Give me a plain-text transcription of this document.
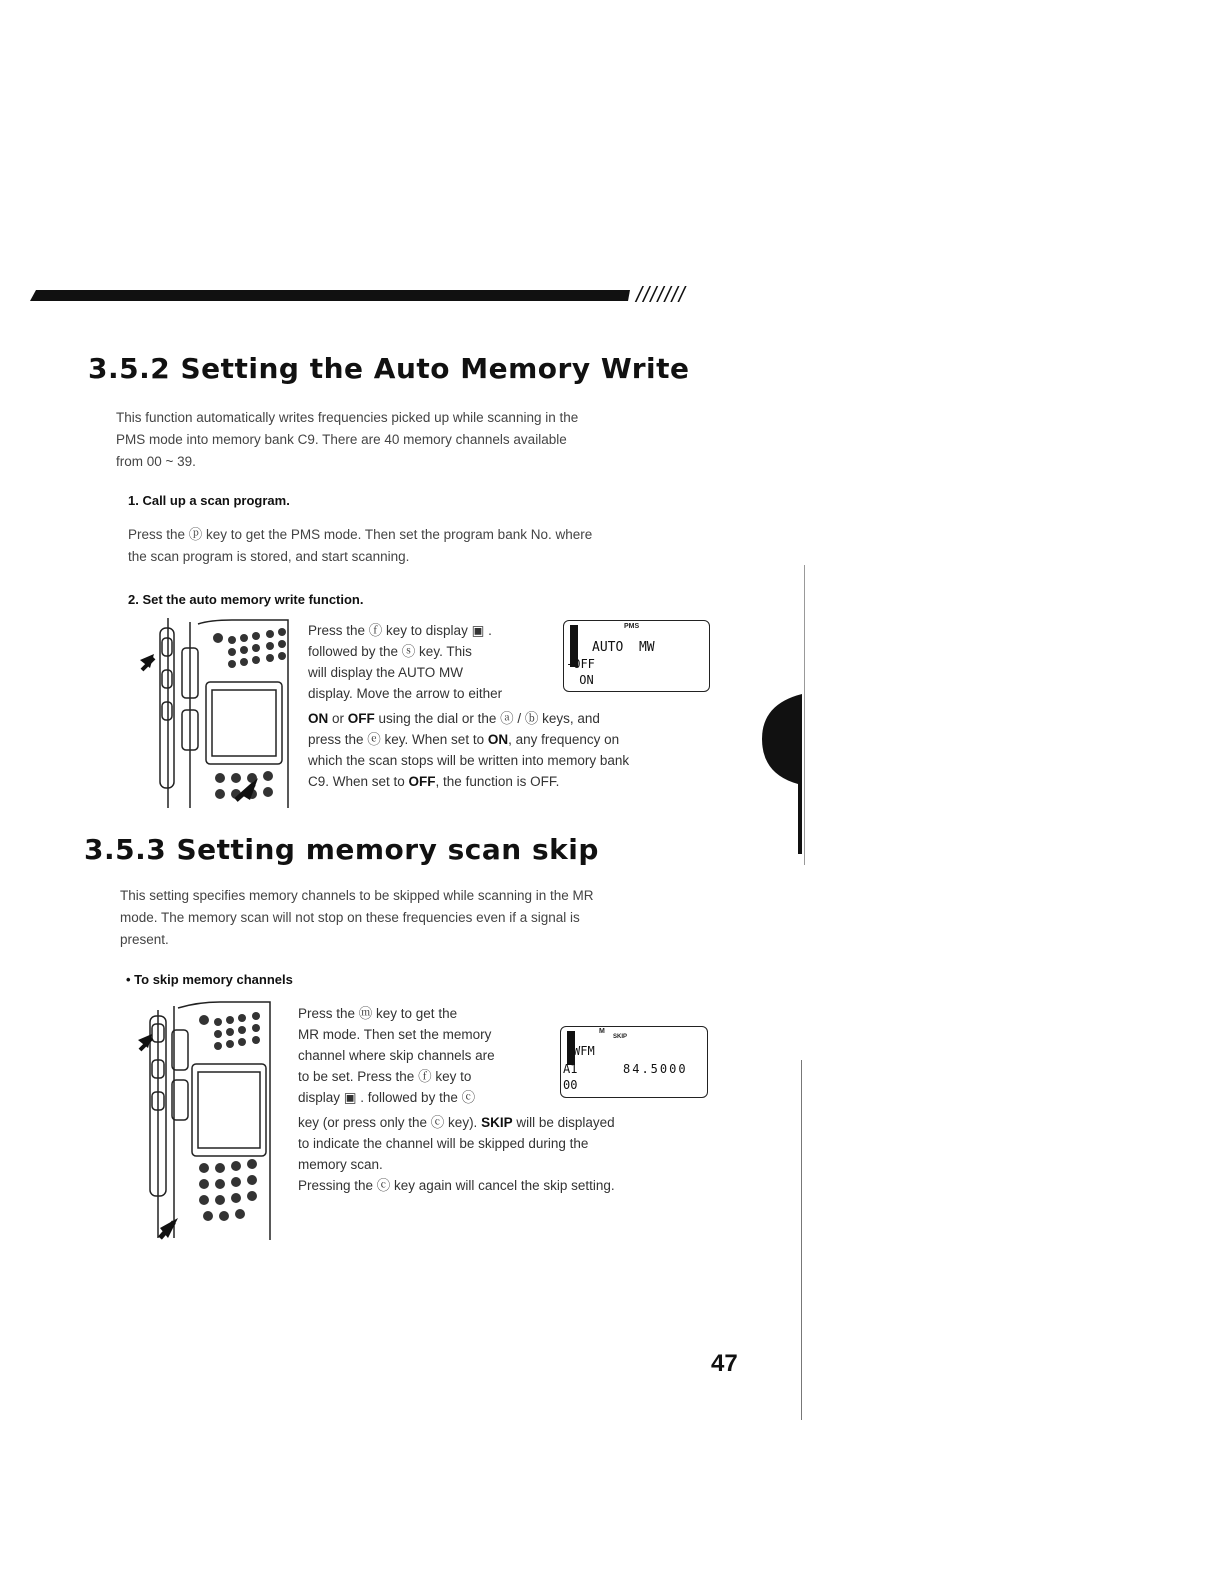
///////
3.5.2 Setting the Auto Memory Write
This function automatically writes frequencies picked up while scanning in the
PMS mode into memory bank C9. There are 40 memory channels available
from 00 ~ 39.
1. Call up a scan program.
Press the ⓟ key to get the PMS mode. Then set the program bank No. where
the scan program is stored, and start scanning.
2. Set the auto memory write function.
Press the ⓕ key to display ▣ .
followed by the ⓢ key. This
will display the AUTO MW
display. Move the arrow to either
PMS
AUTO  MW
-OFF
ON
ON or OFF using the dial or the ⓐ / ⓑ keys, and
press the ⓔ key. When set to ON, any frequency on
which the scan stops will be written into memory bank
C9. When set to OFF, the function is OFF.
3.5.3 Setting memory scan skip
This setting specifies memory channels to be skipped while scanning in the MR
mode. The memory scan will not stop on these frequencies even if a signal is
present.
• To skip memory channels
Press the ⓜ key to get the
MR mode. Then set the memory
channel where skip channels are
to be set. Press the ⓕ key to
display ▣ . followed by the ⓒ
M
SKIP
WFM
A1	84.5000
00
key (or press only the ⓒ key). SKIP will be displayed
to indicate the channel will be skipped during the
memory scan.
Pressing the ⓒ key again will cancel the skip setting.
47
